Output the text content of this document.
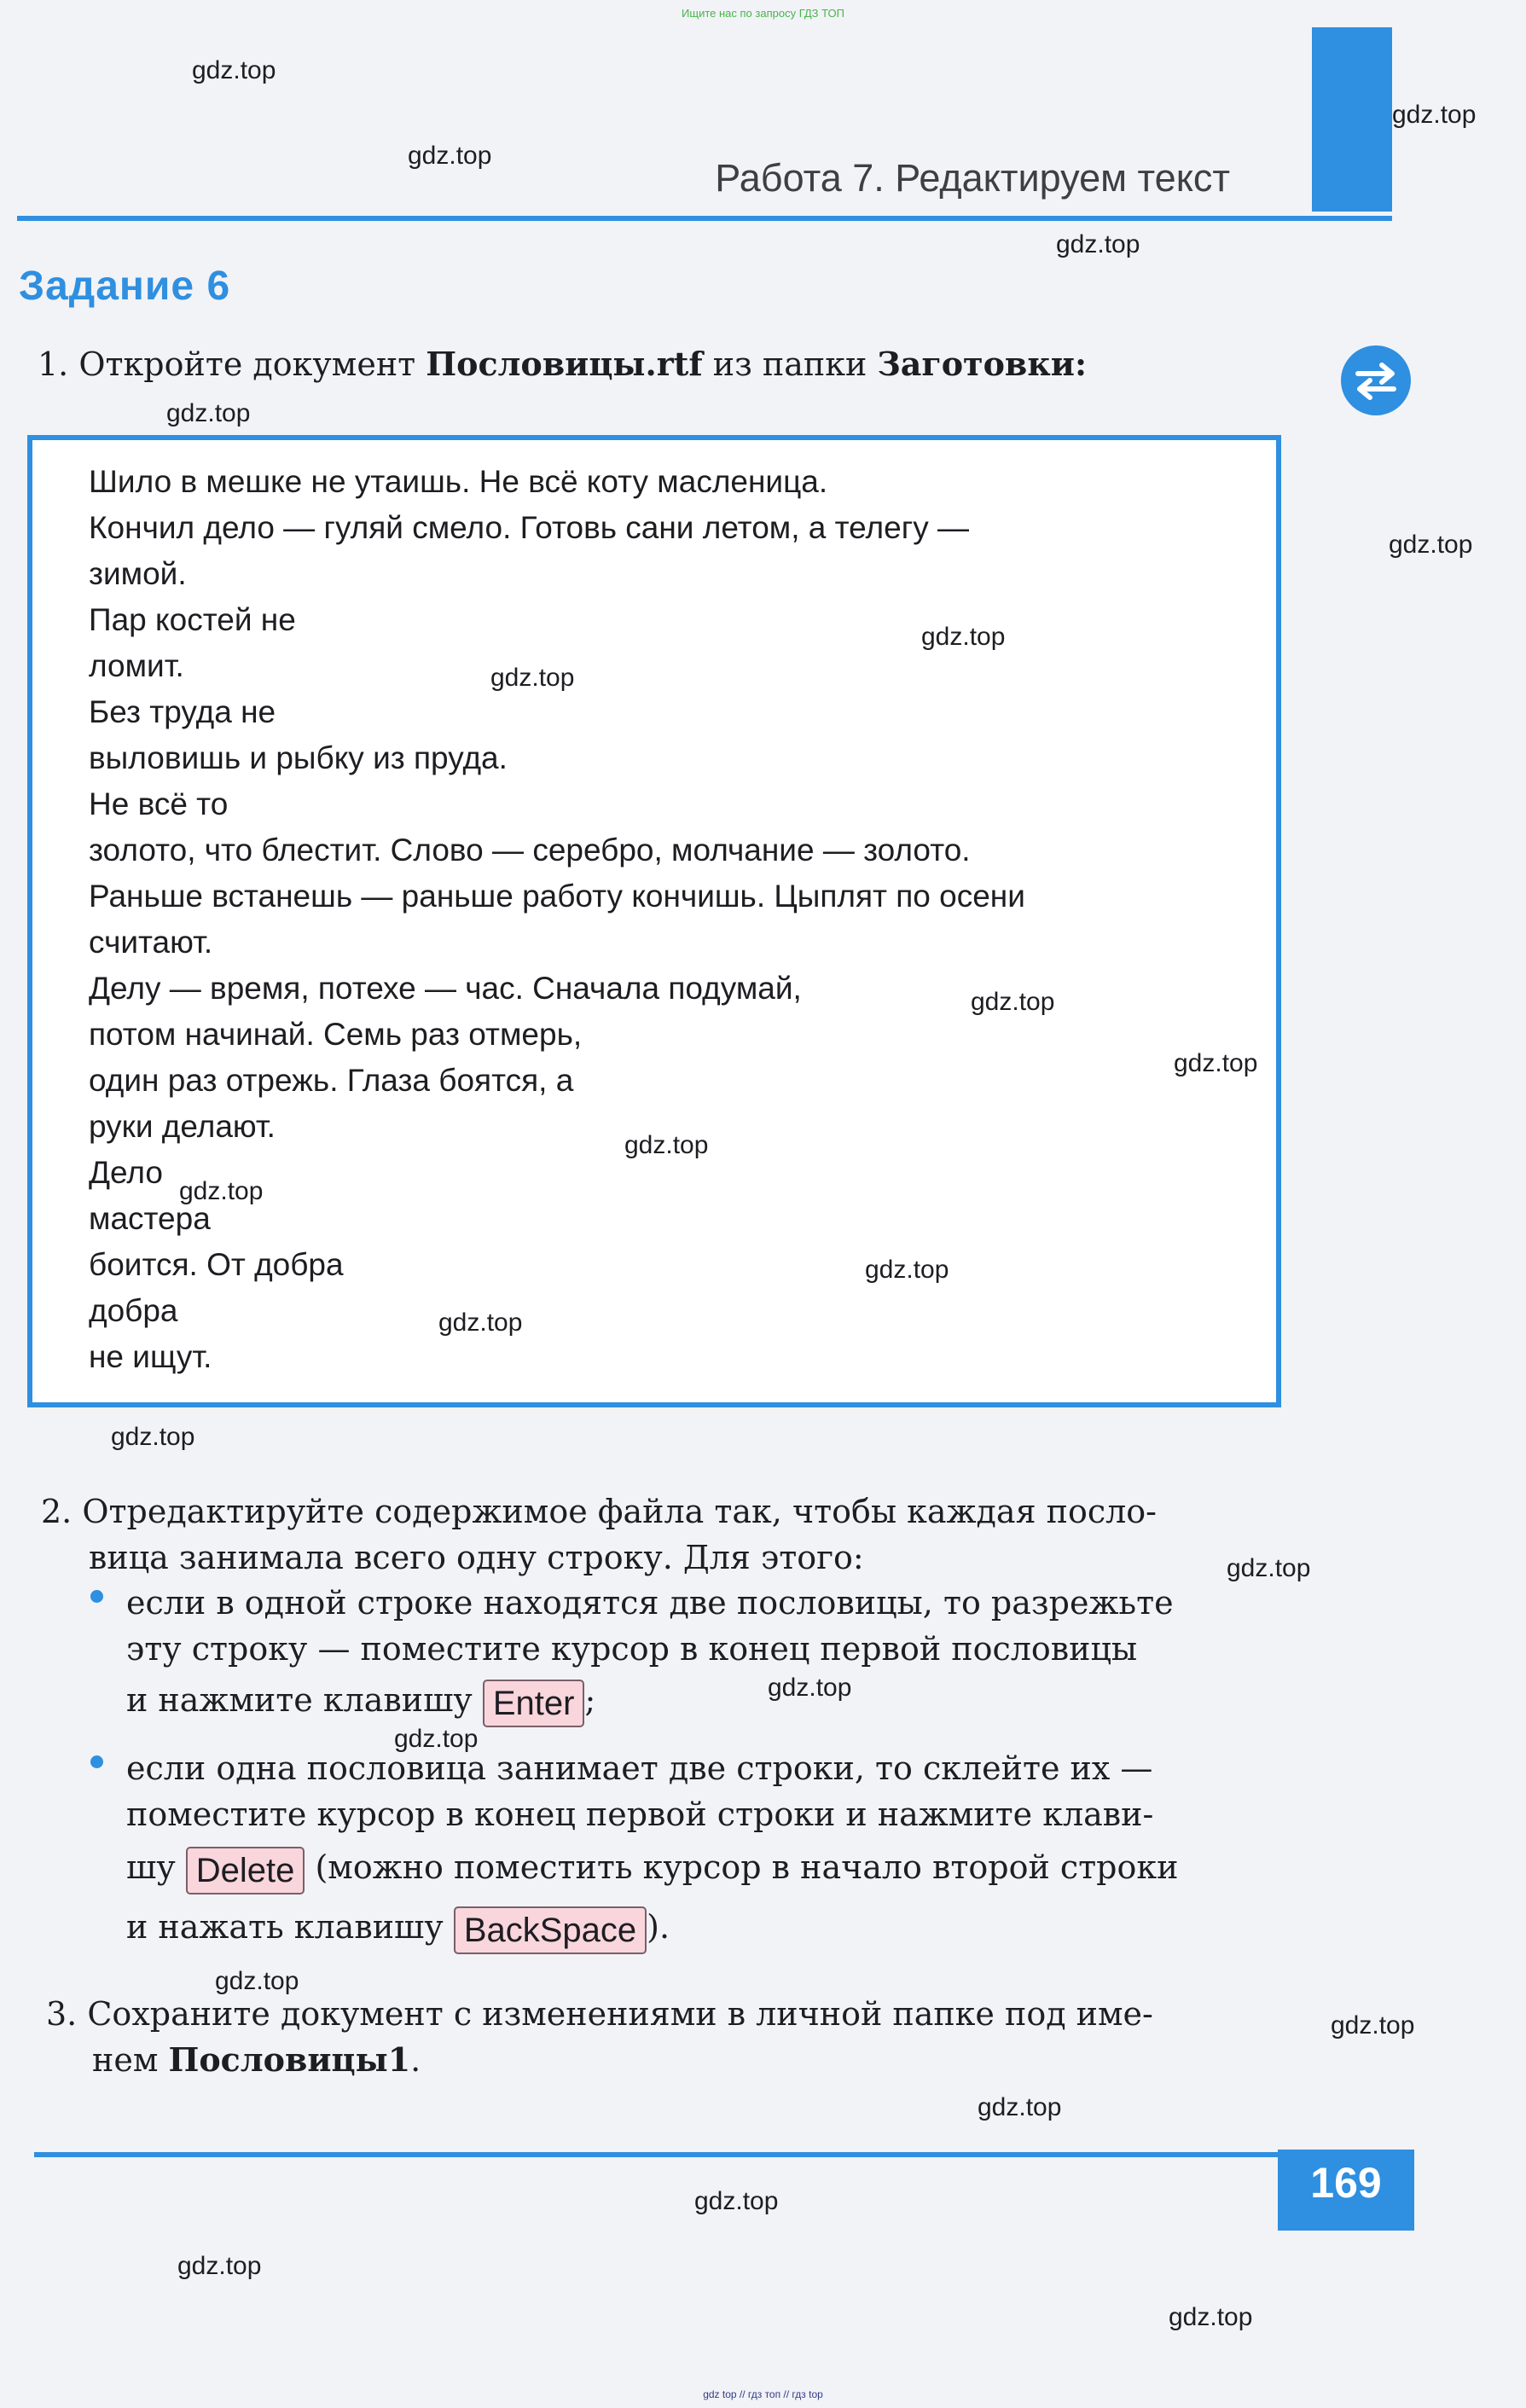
Ищите нас по запросу ГДЗ ТОП
Работа 7. Редактируем текст
Задание 6
1. Откройте документ Пословицы.rtf из папки Заготовки:
Шило в мешке не утаишь. Не всё коту масленица.
Кончил дело — гуляй смело. Готовь сани летом, а телегу —
зимой.
Пар костей не
ломит.
Без труда не
выловишь и рыбку из пруда.
Не всё то
золото, что блестит. Слово — серебро, молчание — золото.
Раньше встанешь — раньше работу кончишь. Цыплят по осени
считают.
Делу — время, потехе — час. Сначала подумай,
потом начинай. Семь раз отмерь,
один раз отрежь. Глаза боятся, а
руки делают.
Дело
мастера
боится. От добра
добра
не ищут.
2. Отредактируйте содержимое файла так, чтобы каждая посло-
вица занимала всего одну строку. Для этого:
если в одной строке находятся две пословицы, то разрежьте
эту строку — поместите курсор в конец первой пословицы
и нажмите клавишу Enter ;
если одна пословица занимает две строки, то склейте их —
поместите курсор в конец первой строки и нажмите клави-
шу Delete (можно поместить курсор в начало второй строки
и нажать клавишу BackSpace ).
3. Сохраните документ с изменениями в личной папке под име-
нем Пословицы1.
169
gdz.top
gdz.top
gdz.top
gdz.top
gdz.top
gdz.top
gdz.top
gdz.top
gdz.top
gdz.top
gdz.top
gdz.top
gdz.top
gdz.top
gdz.top
gdz.top
gdz.top
gdz.top
gdz.top
gdz.top
gdz.top
gdz.top
gdz.top
gdz.top
gdz top // гдз топ // гдз top
